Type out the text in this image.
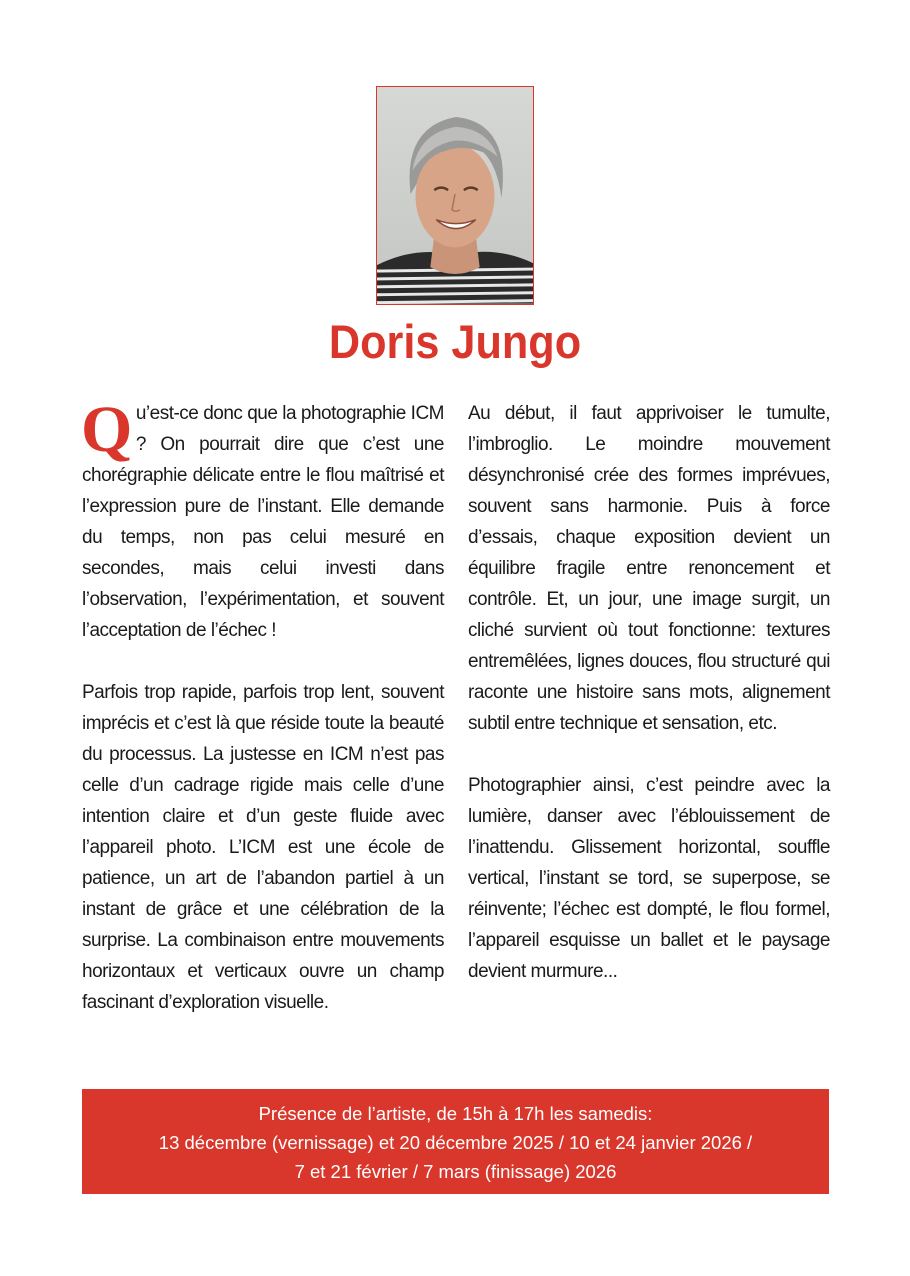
Doris Jungo

Qu’est-ce donc que la photographie ICM ? On pourrait dire que c’est une chorégraphie délicate entre le flou maîtrisé et l’expression pure de l’instant. Elle demande du temps, non pas celui mesuré en secondes, mais celui investi dans l’observation, l’expérimentation, et souvent l’acceptation de l’échec !

Parfois trop rapide, parfois trop lent, souvent imprécis et c’est là que réside toute la beauté du processus. La justesse en ICM n’est pas celle d’un cadrage rigide mais celle d’une intention claire et d’un geste fluide avec l’appareil photo. L’ICM est une école de patience, un art de l’abandon partiel à un instant de grâce et une célébration de la surprise. La combinaison entre mouvements horizontaux et verticaux ouvre un champ fascinant d’exploration visuelle.

Au début, il faut apprivoiser le tumulte, l’imbroglio. Le moindre mouvement désynchronisé crée des formes imprévues, souvent sans harmonie. Puis à force d’essais, chaque exposition devient un équilibre fragile entre renoncement et contrôle. Et, un jour, une image surgit, un cliché survient où tout fonctionne: textures entremêlées, lignes douces, flou structuré qui raconte une histoire sans mots, alignement subtil entre technique et sensation, etc.

Photographier ainsi, c’est peindre avec la lumière, danser avec l’éblouissement de l’inattendu. Glissement horizontal, souffle vertical, l’instant se tord, se superpose, se réinvente; l’échec est dompté, le flou formel, l’appareil esquisse un ballet et le paysage devient murmure...

Présence de l’artiste, de 15h à 17h les samedis:
13 décembre (vernissage) et 20 décembre 2025 / 10 et 24 janvier 2026 /
7 et 21 février / 7 mars (finissage) 2026
